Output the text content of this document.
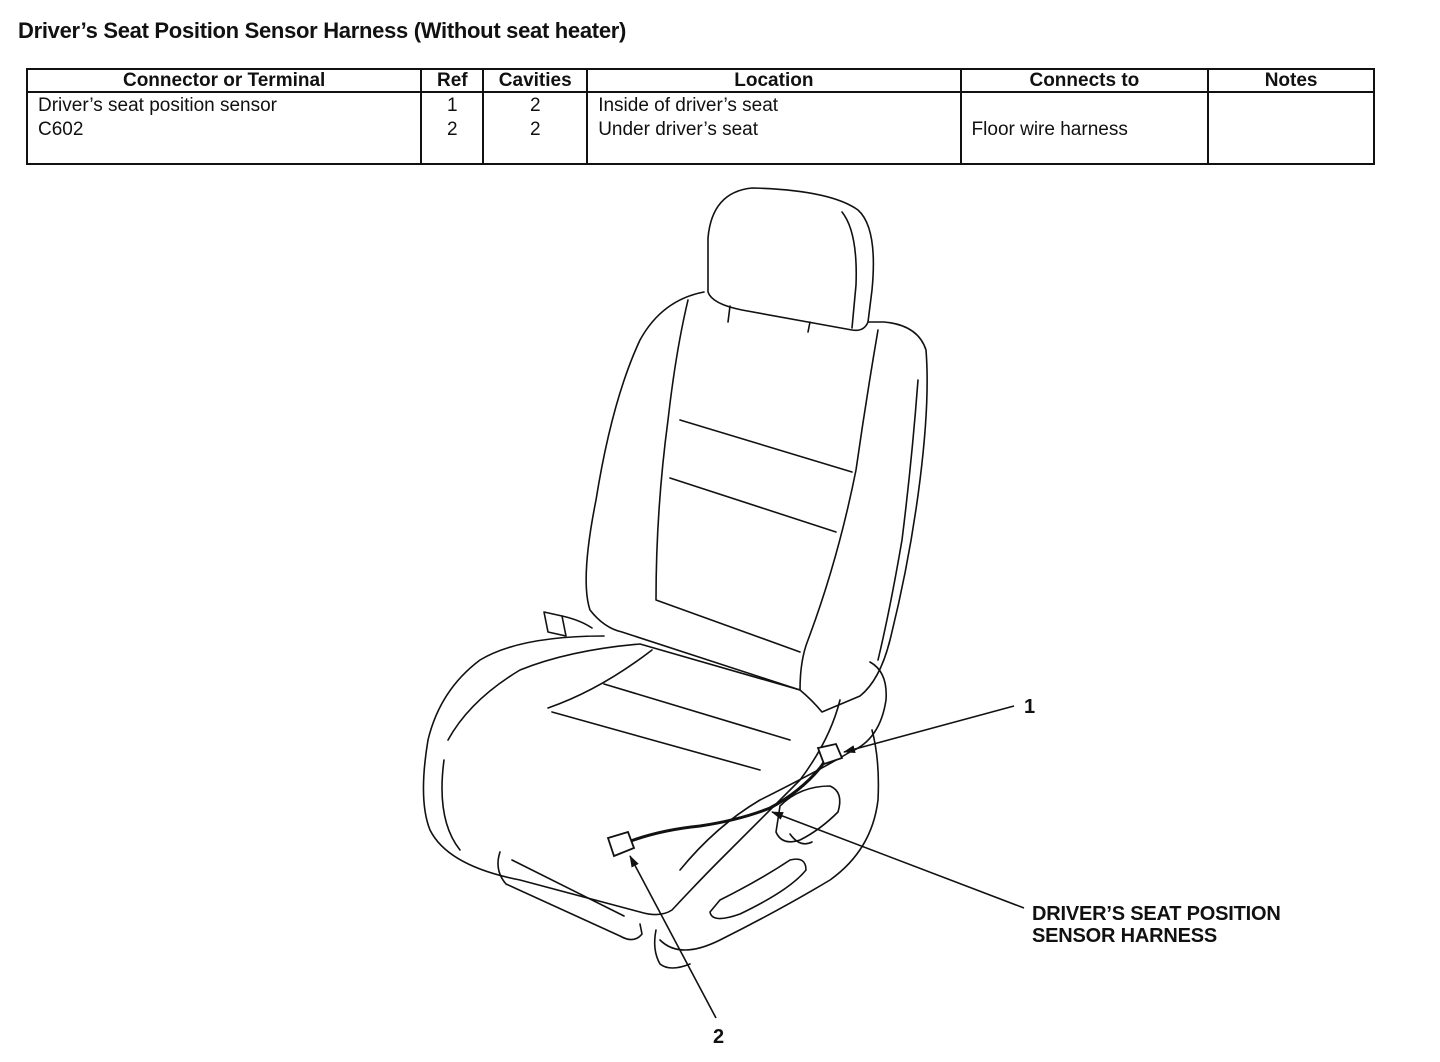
Driver’s Seat Position Sensor Harness (Without seat heater)
Connector or Terminal	Ref	Cavities	Location	Connects to	Notes
Driver’s seat position sensor	1	2	Inside of driver’s seat		
C602	2	2	Under driver’s seat	Floor wire harness	
1
2
DRIVER’S SEAT POSITION
SENSOR HARNESS
